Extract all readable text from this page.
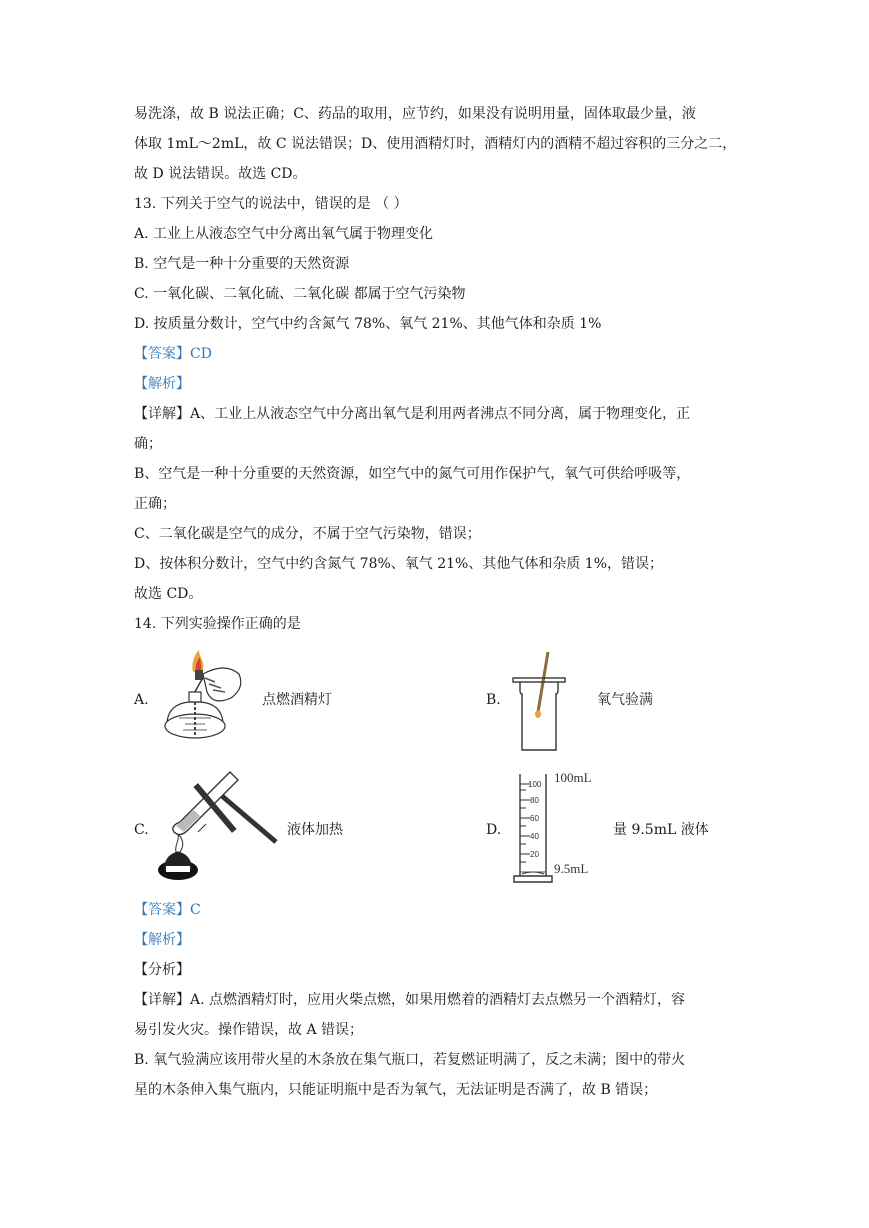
易洗涤，故 B 说法正确；C、药品的取用，应节约，如果没有说明用量，固体取最少量，液
体取 1mL～2mL，故 C 说法错误；D、使用酒精灯时，酒精灯内的酒精不超过容积的三分之二，
故 D 说法错误。故选 CD。
13. 下列关于空气的说法中，错误的是 （ ）
A. 工业上从液态空气中分离出氧气属于物理变化
B. 空气是一种十分重要的天然资源
C. 一氧化碳、二氧化硫、二氧化碳 都属于空气污染物
D. 按质量分数计，空气中约含氮气 78%、氧气 21%、其他气体和杂质 1%
【答案】CD
【解析】
【详解】A、工业上从液态空气中分离出氧气是利用两者沸点不同分离，属于物理变化，正
确；
B、空气是一种十分重要的天然资源，如空气中的氮气可用作保护气，氧气可供给呼吸等，
正确；
C、二氧化碳是空气的成分，不属于空气污染物，错误；
D、按体积分数计，空气中约含氮气 78%、氧气 21%、其他气体和杂质 1%，错误；
故选 CD。
14. 下列实验操作正确的是
A.	点燃酒精灯	B.	氧气验满
C.	液体加热	D.
100
80
60
40
20
100mL
9.5mL
量 9.5mL 液体
【答案】C
【解析】
【分析】
【详解】A. 点燃酒精灯时，应用火柴点燃，如果用燃着的酒精灯去点燃另一个酒精灯，容
易引发火灾。操作错误，故 A 错误；
B. 氧气验满应该用带火星的木条放在集气瓶口，若复燃证明满了，反之未满；图中的带火
星的木条伸入集气瓶内，只能证明瓶中是否为氧气，无法证明是否满了，故 B 错误；
